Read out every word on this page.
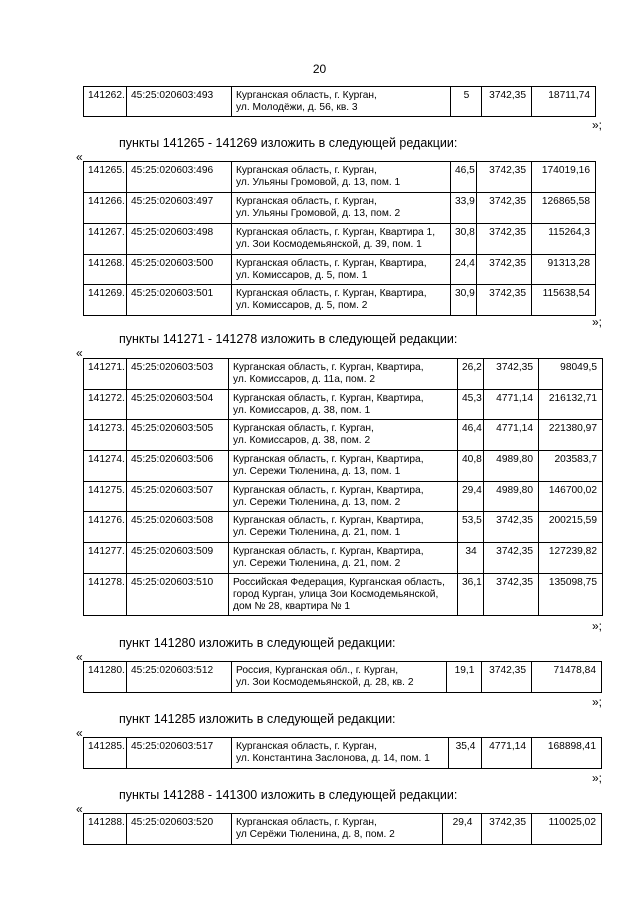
20
141262.	45:25:020603:493	Курганская область, г. Курган,
ул. Молодёжи, д. 56, кв. 3
	5	3742,35	18711,74
»;
пункты 141265 - 141269 изложить в следующей редакции:
«
141265.	45:25:020603:496	Курганская область, г. Курган,
ул. Ульяны Громовой, д. 13, пом. 1	46,5	3742,35	174019,16
141266.	45:25:020603:497	Курганская область, г. Курган,
ул. Ульяны Громовой, д. 13, пом. 2	33,9	3742,35	126865,58
141267.	45:25:020603:498	Курганская область, г. Курган, Квартира 1,
ул. Зои Космодемьянской, д. 39, пом. 1	30,8	3742,35	115264,3
141268.	45:25:020603:500	Курганская область, г. Курган, Квартира,
ул. Комиссаров, д. 5, пом. 1	24,4	3742,35	91313,28
141269.	45:25:020603:501	Курганская область, г. Курган, Квартира,
ул. Комиссаров, д. 5, пом. 2	30,9	3742,35	115638,54
»;
пункты 141271 - 141278 изложить в следующей редакции:
«
141271.	45:25:020603:503	Курганская область, г. Курган, Квартира,
ул. Комиссаров, д. 11а, пом. 2	26,2	3742,35	98049,5
141272.	45:25:020603:504	Курганская область, г. Курган, Квартира,
ул. Комиссаров, д. 38, пом. 1	45,3	4771,14	216132,71
141273.	45:25:020603:505	Курганская область, г. Курган,
ул. Комиссаров, д. 38, пом. 2	46,4	4771,14	221380,97
141274.	45:25:020603:506	Курганская область, г. Курган, Квартира,
ул. Сережи Тюленина, д. 13, пом. 1	40,8	4989,80	203583,7
141275.	45:25:020603:507	Курганская область, г. Курган, Квартира,
ул. Сережи Тюленина, д. 13, пом. 2	29,4	4989,80	146700,02
141276.	45:25:020603:508	Курганская область, г. Курган, Квартира,
ул. Сережи Тюленина, д. 21, пом. 1	53,5	3742,35	200215,59
141277.	45:25:020603:509	Курганская область, г. Курган, Квартира,
ул. Сережи Тюленина, д. 21, пом. 2	34	3742,35	127239,82
141278.	45:25:020603:510	Российская Федерация, Курганская область,
город Курган, улица Зои Космодемьянской,
дом № 28, квартира № 1	36,1	3742,35	135098,75
»;
пункт 141280 изложить в следующей редакции:
«
141280.	45:25:020603:512	Россия, Курганская обл., г. Курган,
ул. Зои Космодемьянской, д. 28, кв. 2
	19,1	3742,35	71478,84
»;
пункт 141285 изложить в следующей редакции:
«
141285.	45:25:020603:517	Курганская область, г. Курган,
ул. Константина Заслонова, д. 14, пом. 1
	35,4	4771,14	168898,41
»;
пункты 141288 - 141300 изложить в следующей редакции:
«
141288.	45:25:020603:520	Курганская область, г. Курган,
ул Серёжи Тюленина, д. 8, пом. 2
	29,4	3742,35	110025,02
